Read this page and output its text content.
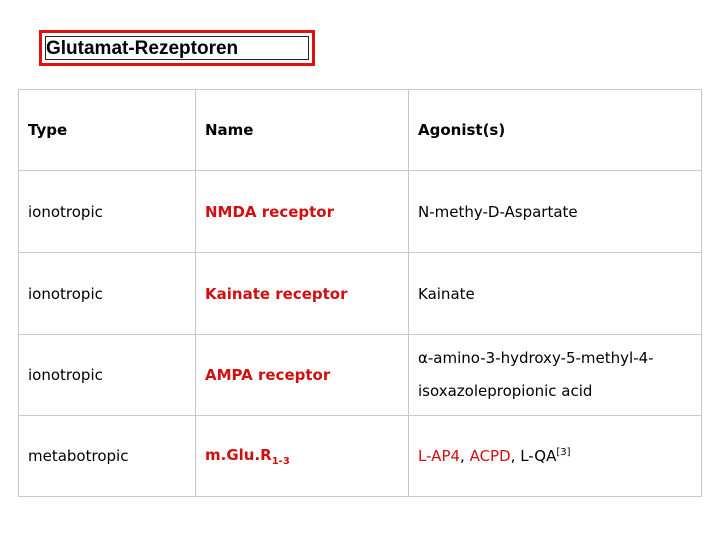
Glutamat-Rezeptoren
Type	Name	Agonist(s)
ionotropic	NMDA receptor	N-methy-D-Aspartate
ionotropic	Kainate receptor	Kainate
ionotropic	AMPA receptor	α-amino-3-hydroxy-5-methyl-4-
isoxazolepropionic acid
metabotropic	$m.Glu.R_{1-3}$	L-AP4, ACPD, L-QA[3]
